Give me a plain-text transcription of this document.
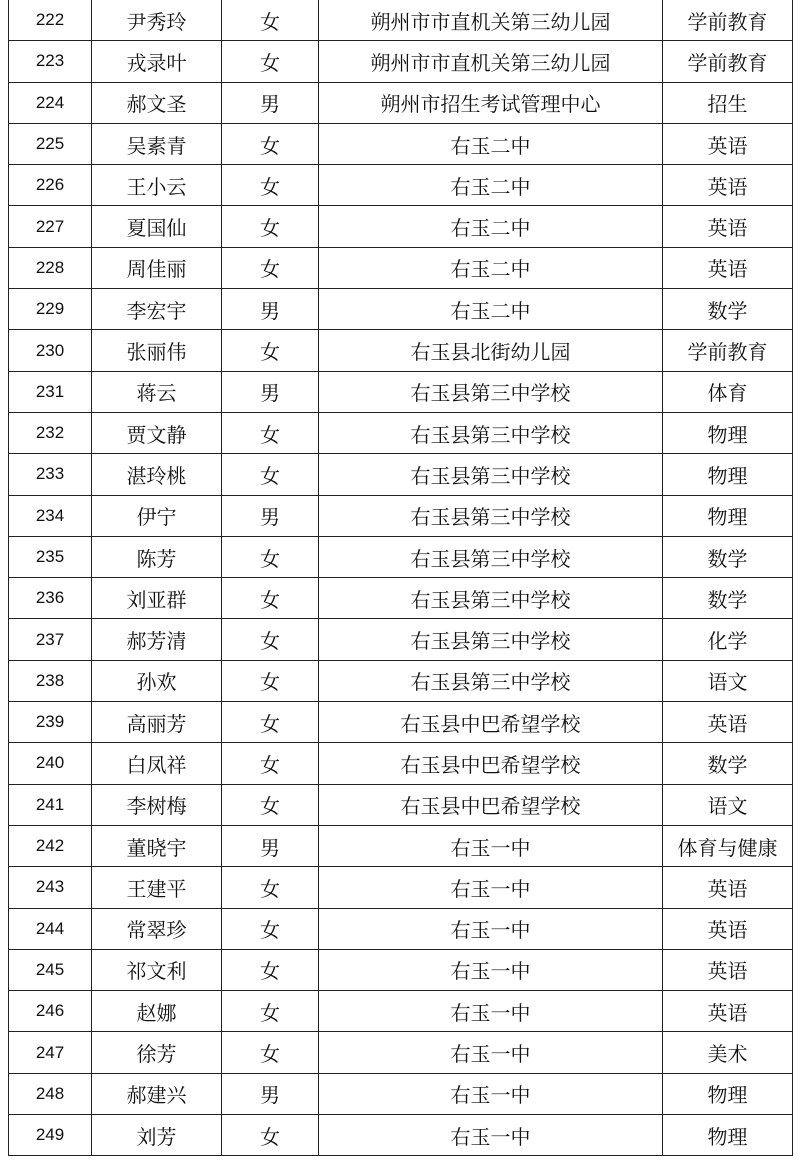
222	尹秀玲	女	朔州市市直机关第三幼儿园	学前教育
223	戎录叶	女	朔州市市直机关第三幼儿园	学前教育
224	郝文圣	男	朔州市招生考试管理中心	招生
225	吴素青	女	右玉二中	英语
226	王小云	女	右玉二中	英语
227	夏国仙	女	右玉二中	英语
228	周佳丽	女	右玉二中	英语
229	李宏宇	男	右玉二中	数学
230	张丽伟	女	右玉县北街幼儿园	学前教育
231	蒋云	男	右玉县第三中学校	体育
232	贾文静	女	右玉县第三中学校	物理
233	湛玲桃	女	右玉县第三中学校	物理
234	伊宁	男	右玉县第三中学校	物理
235	陈芳	女	右玉县第三中学校	数学
236	刘亚群	女	右玉县第三中学校	数学
237	郝芳清	女	右玉县第三中学校	化学
238	孙欢	女	右玉县第三中学校	语文
239	高丽芳	女	右玉县中巴希望学校	英语
240	白凤祥	女	右玉县中巴希望学校	数学
241	李树梅	女	右玉县中巴希望学校	语文
242	董晓宇	男	右玉一中	体育与健康
243	王建平	女	右玉一中	英语
244	常翠珍	女	右玉一中	英语
245	祁文利	女	右玉一中	英语
246	赵娜	女	右玉一中	英语
247	徐芳	女	右玉一中	美术
248	郝建兴	男	右玉一中	物理
249	刘芳	女	右玉一中	物理
